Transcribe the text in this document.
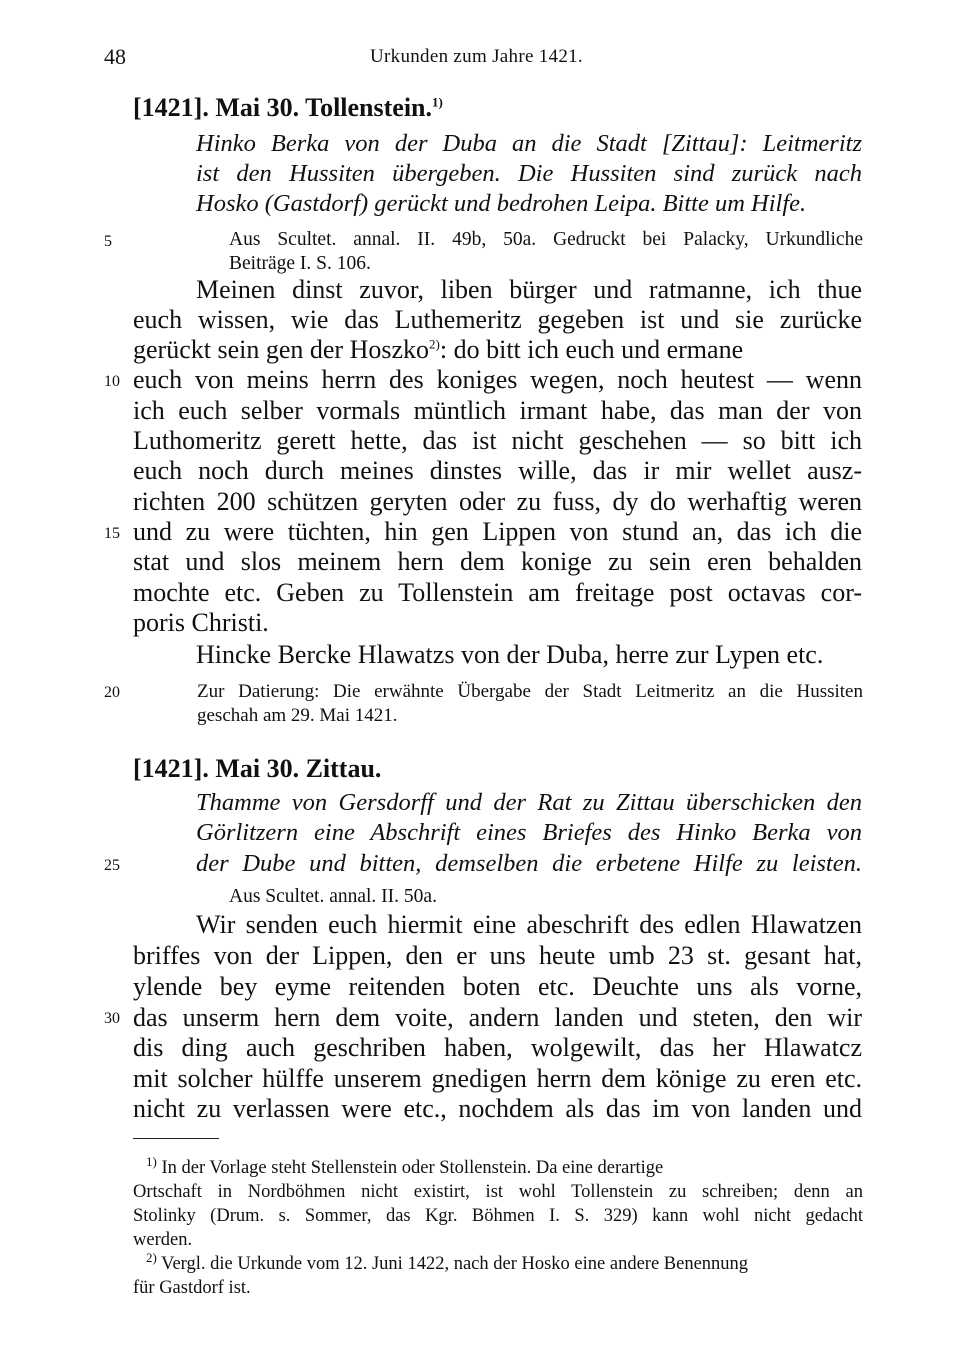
48	Urkunden zum Jahre 1421.
[1421]. Mai 30. Tollenstein.$^{1)}$
Hinko Berka von der Duba an die Stadt [Zittau]: Leitmeritz
ist den Hussiten übergeben. Die Hussiten sind zurück nach
Hosko (Gastdorf) gerückt und bedrohen Leipa. Bitte um Hilfe.
Aus Scultet. annal. II. 49b, 50a. Gedruckt bei Palacky, Urkundliche
Beiträge I. S. 106.
Meinen dinst zuvor, liben bürger und ratmanne, ich thue
euch wissen, wie das Luthemeritz gegeben ist und sie zurücke
gerückt sein gen der Hoszko$^{2)}$: do bitt ich euch und ermane
euch von meins herrn des koniges wegen, noch heutest — wenn
ich euch selber vormals müntlich irmant habe, das man der von
Luthomeritz gerett hette, das ist nicht geschehen — so bitt ich
euch noch durch meines dinstes wille, das ir mir wellet ausz-
richten 200 schützen geryten oder zu fuss, dy do werhaftig weren
und zu were tüchten, hin gen Lippen von stund an, das ich die
stat und slos meinem hern dem konige zu sein eren behalden
mochte etc. Geben zu Tollenstein am freitage post octavas cor-
poris Christi.
Hincke Bercke Hlawatzs von der Duba, herre zur Lypen etc.
Zur Datierung: Die erwähnte Übergabe der Stadt Leitmeritz an die Hussiten
geschah am 29. Mai 1421.
[1421]. Mai 30. Zittau.
Thamme von Gersdorff und der Rat zu Zittau überschicken den
Görlitzern eine Abschrift eines Briefes des Hinko Berka von
der Dube und bitten, demselben die erbetene Hilfe zu leisten.
Aus Scultet. annal. II. 50a.
Wir senden euch hiermit eine abeschrift des edlen Hlawatzen
briffes von der Lippen, den er uns heute umb 23 st. gesant hat,
ylende bey eyme reitenden boten etc. Deuchte uns als vorne,
das unserm hern dem voite, andern landen und steten, den wir
dis ding auch geschriben haben, wolgewilt, das her Hlawatcz
mit solcher hülffe unserem gnedigen herrn dem könige zu eren etc.
nicht zu verlassen were etc., nochdem als das im von landen und
5
10
15
20
25
30
$^{1)}$ In der Vorlage steht Stellenstein oder Stollenstein. Da eine derartige
Ortschaft in Nordböhmen nicht existirt, ist wohl Tollenstein zu schreiben; denn an
Stolinky (Drum. s. Sommer, das Kgr. Böhmen I. S. 329) kann wohl nicht gedacht
werden.
$^{2)}$ Vergl. die Urkunde vom 12. Juni 1422, nach der Hosko eine andere Benennung
für Gastdorf ist.
